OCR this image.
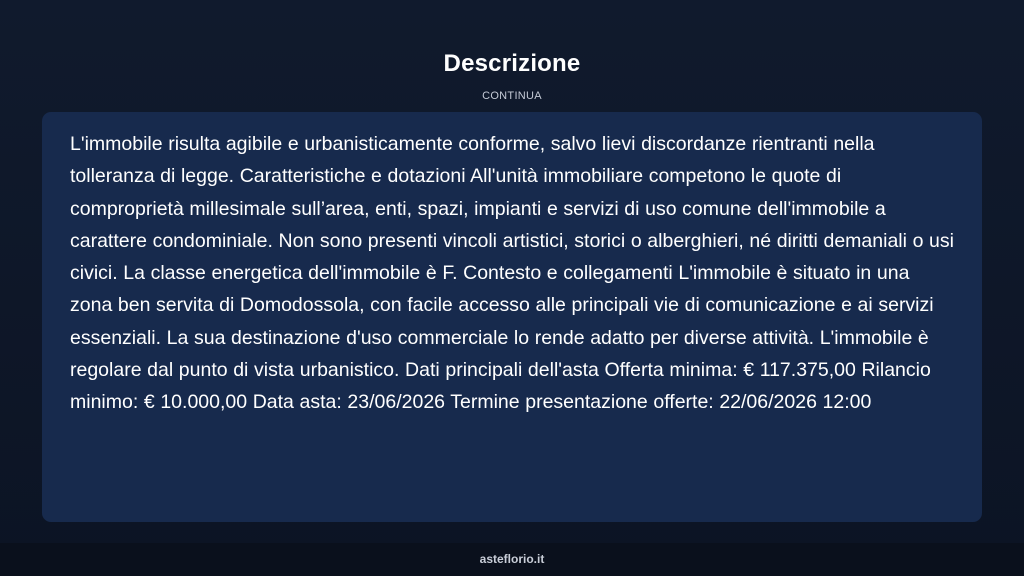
Descrizione
CONTINUA

L'immobile risulta agibile e urbanisticamente conforme, salvo lievi discordanze rientranti nella tolleranza di legge. Caratteristiche e dotazioni All'unità immobiliare competono le quote di comproprietà millesimale sull’area, enti, spazi, impianti e servizi di uso comune dell'immobile a carattere condominiale. Non sono presenti vincoli artistici, storici o alberghieri, né diritti demaniali o usi civici. La classe energetica dell'immobile è F. Contesto e collegamenti L'immobile è situato in una zona ben servita di Domodossola, con facile accesso alle principali vie di comunicazione e ai servizi essenziali. La sua destinazione d'uso commerciale lo rende adatto per diverse attività. L'immobile è regolare dal punto di vista urbanistico. Dati principali dell'asta Offerta minima: € 117.375,00 Rilancio minimo: € 10.000,00 Data asta: 23/06/2026 Termine presentazione offerte: 22/06/2026 12:00

asteflorio.it
